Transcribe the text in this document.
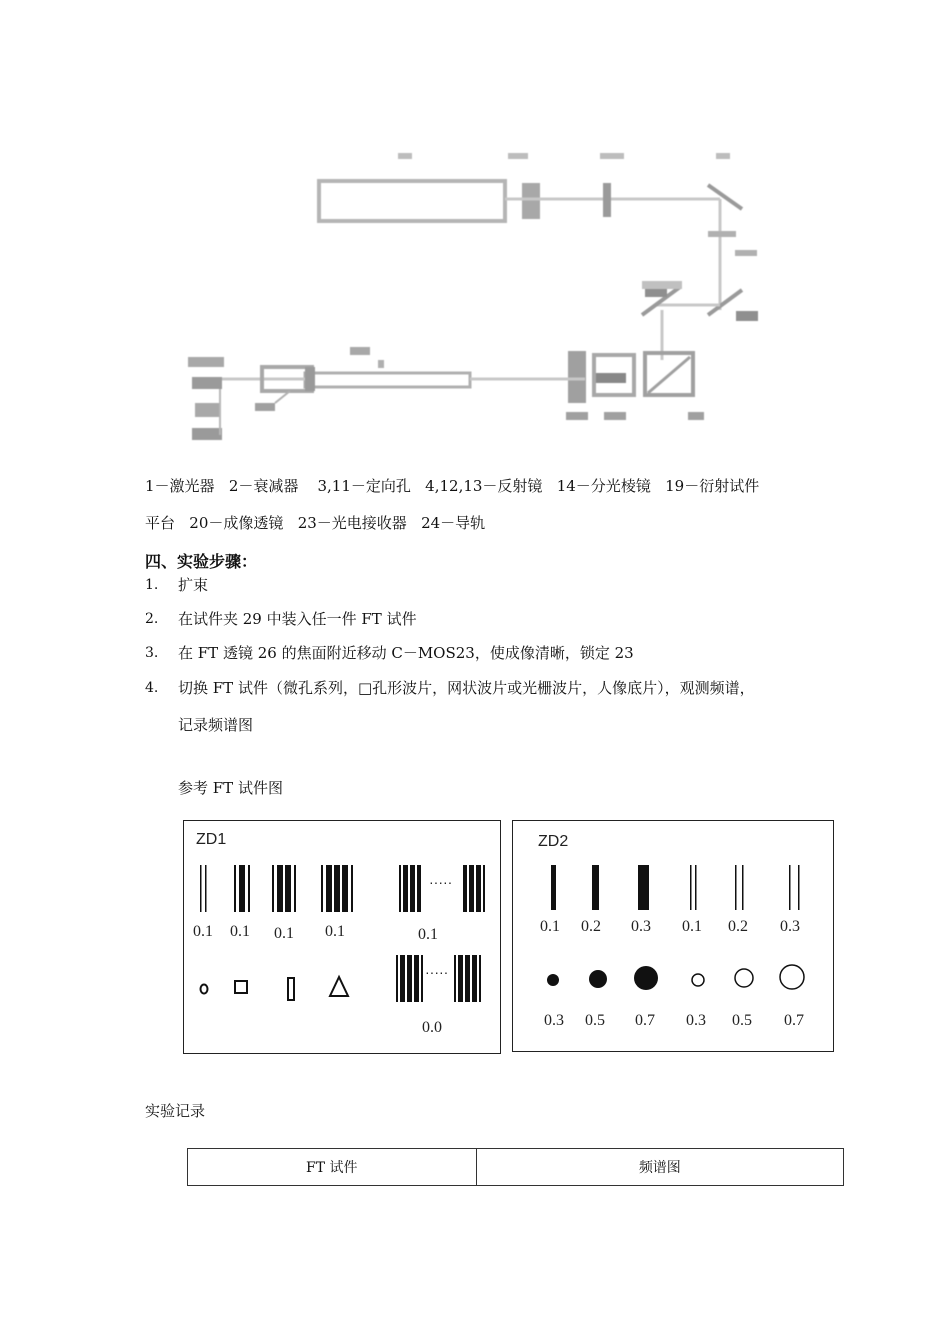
1－激光器   2－衰减器    3,11－定向孔   4,12,13－反射镜   14－分光棱镜   19－衍射试件
平台   20－成像透镜   23－光电接收器   24－导轨
四、实验步骤：
1. 扩束
2. 在试件夹 29 中装入任一件 FT 试件
3. 在 FT 透镜 26 的焦面附近移动 C－MOS23，使成像清晰，锁定 23
4. 切换 FT 试件（微孔系列，□孔形波片，网状波片或光栅波片，人像底片），观测频谱，
记录频谱图
参考 FT 试件图
ZD1
·····
·····
0.1 0.1 0.1 0.1	0.1
0.0
ZD2
0.1 0.2 0.3 0.1 0.2 0.3
0.3 0.5 0.7 0.3 0.5 0.7
实验记录
FT 试件	频谱图
